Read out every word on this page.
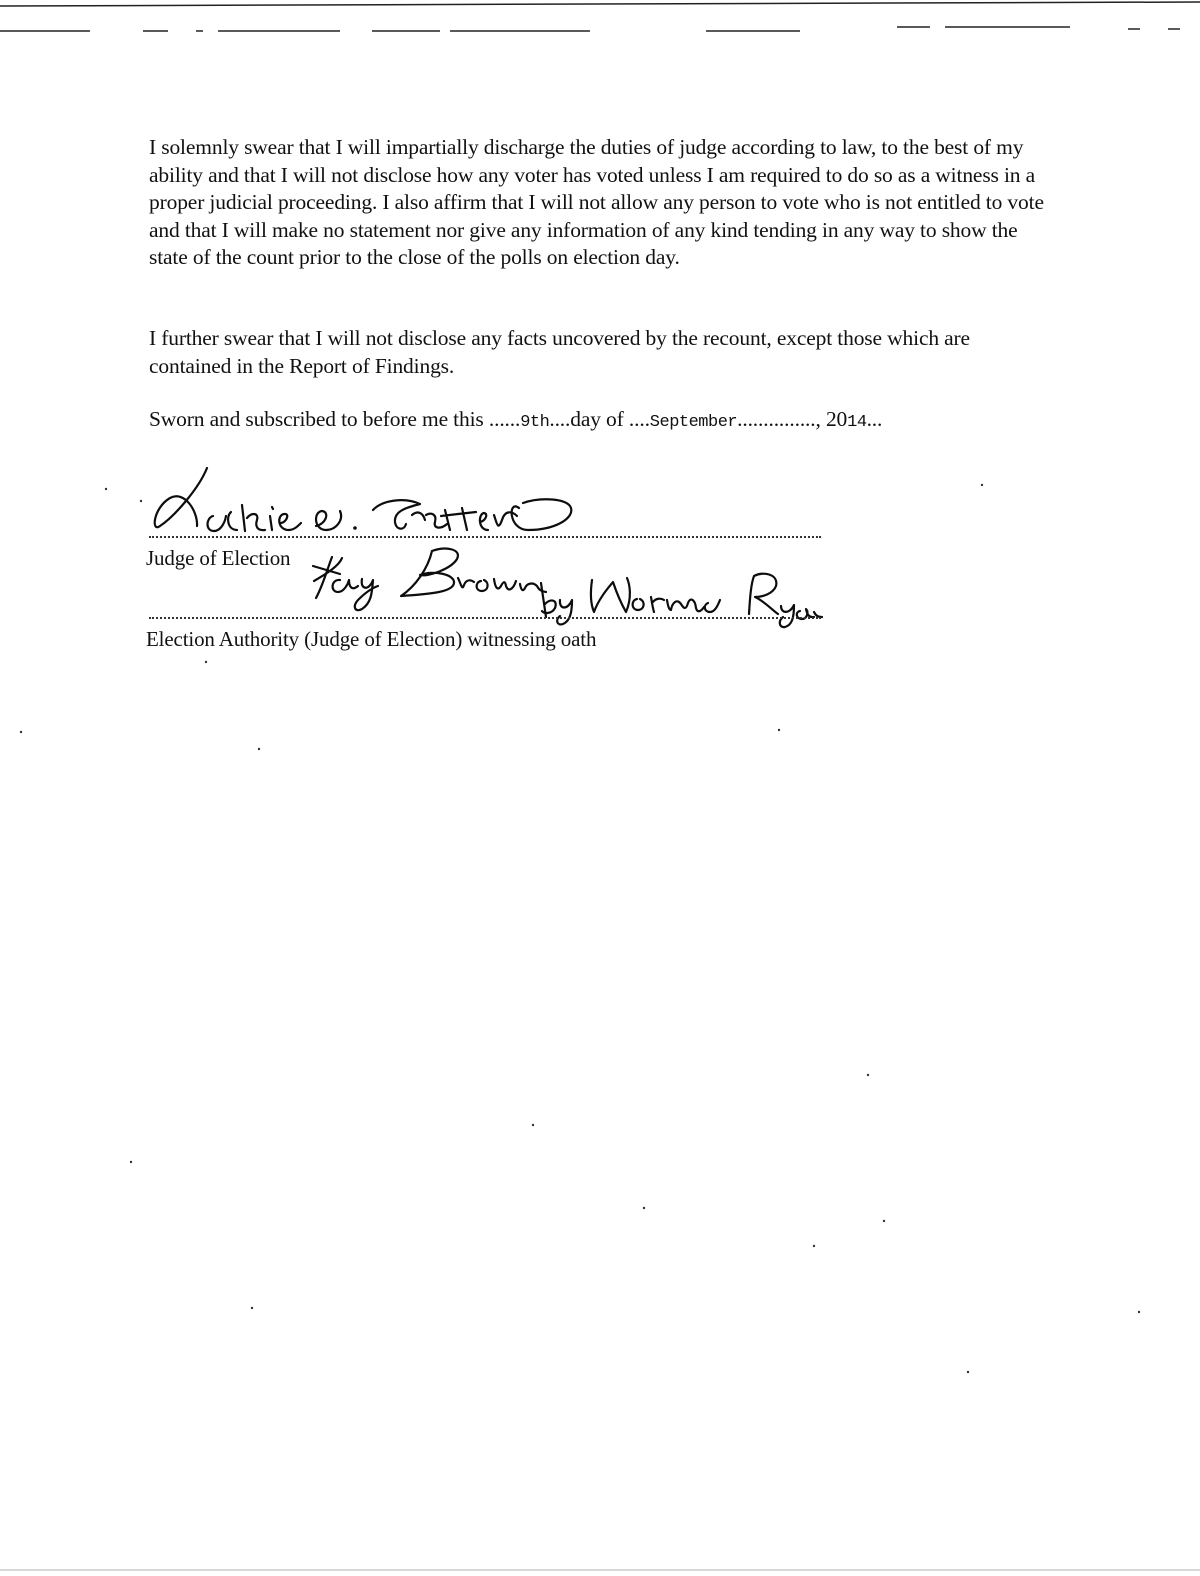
I solemnly swear that I will impartially discharge the duties of judge according to law, to the best of my ability and that I will not disclose how any voter has voted unless I am required to do so as a witness in a proper judicial proceeding. I also affirm that I will not allow any person to vote who is not entitled to vote and that I will make no statement nor give any information of any kind tending in any way to show the state of the count prior to the close of the polls on election day.

I further swear that I will not disclose any facts uncovered by the recount, except those which are contained in the Report of Findings.

Sworn and subscribed to before me this ......9th....day of ....September..............., 2014...
Judge of Election
Election Authority (Judge of Election) witnessing oath
